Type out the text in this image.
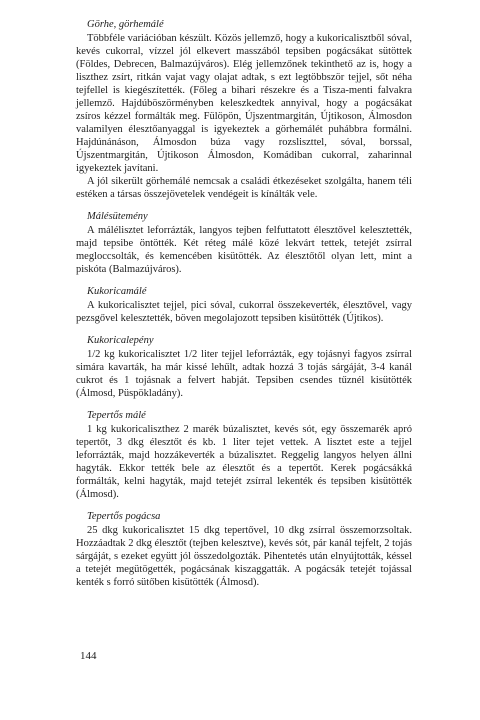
Görhe, görhemálé

Többféle variációban készült. Közös jellemző, hogy a kukoricalisztből sóval, kevés cukorral, vízzel jól elkevert masszából tepsiben pogácsákat sütöttek (Földes, Debrecen, Balmazújváros). Elég jellemzőnek tekinthető az is, hogy a liszthez zsírt, ritkán vajat vagy olajat adtak, s ezt legtöbbször tejjel, sőt néha tejfellel is kiegészítették. (Főleg a bihari részekre és a Tisza-menti falvakra jellemző. Hajdúböszörményben keleszkedtek annyival, hogy a pogácsákat zsíros kézzel formálták meg. Fülöpön, Újszentmargitán, Újtikoson, Álmosdon valamilyen élesztőanyaggal is igyekeztek a görhemálét puhábbra formálni. Hajdúnánáson, Álmosdon búza vagy rozsliszttel, sóval, borssal, Újszentmargitán, Újtikoson Álmosdon, Komádiban cukorral, zaharinnal igyekeztek javítani.

A jól sikerült görhemálé nemcsak a családi étkezéseket szolgálta, hanem téli estéken a társas összejövetelek vendégeit is kínálták vele.

Málésütemény

A málélisztet leforrázták, langyos tejben felfuttatott élesztővel kelesztették, majd tepsibe öntötték. Két réteg málé közé lekvárt tettek, tetejét zsírral megloccsolták, és kemencében kisütötték. Az élesztőtől olyan lett, mint a piskóta (Balmazújváros).

Kukoricamálé

A kukoricalisztet tejjel, pici sóval, cukorral összekeverték, élesztővel, vagy pezsgővel kelesztették, böven megolajozott tepsiben kisütötték (Újtikos).

Kukoricalepény

1/2 kg kukoricalisztet 1/2 liter tejjel leforrázták, egy tojásnyi fagyos zsírral simára kavarták, ha már kissé lehűlt, adtak hozzá 3 tojás sárgáját, 3-4 kanál cukrot és 1 tojásnak a felvert habját. Tepsiben csendes tűznél kisütötték (Álmosd, Püspökladány).

Tepertős málé

1 kg kukoricaliszthez 2 marék búzalisztet, kevés sót, egy összemarék apró tepertőt, 3 dkg élesztőt és kb. 1 liter tejet vettek. A lisztet este a tejjel leforrázták, majd hozzákeverték a búzalisztet. Reggelig langyos helyen állni hagyták. Ekkor tették bele az élesztőt és a tepertőt. Kerek pogácsákká formálták, kelni hagyták, majd tetejét zsírral lekenték és tepsiben kisütötték (Álmosd).

Tepertős pogácsa

25 dkg kukoricalisztet 15 dkg tepertővel, 10 dkg zsírral összemorzsoltak. Hozzáadtak 2 dkg élesztőt (tejben kelesztve), kevés sót, pár kanál tejfelt, 2 tojás sárgáját, s ezeket együtt jól összedolgozták. Pihentetés után elnyújtották, késsel a tetejét megütögették, pogácsának kiszaggatták. A pogácsák tetejét tojással kenték s forró sütőben kisütötték (Álmosd).

144
